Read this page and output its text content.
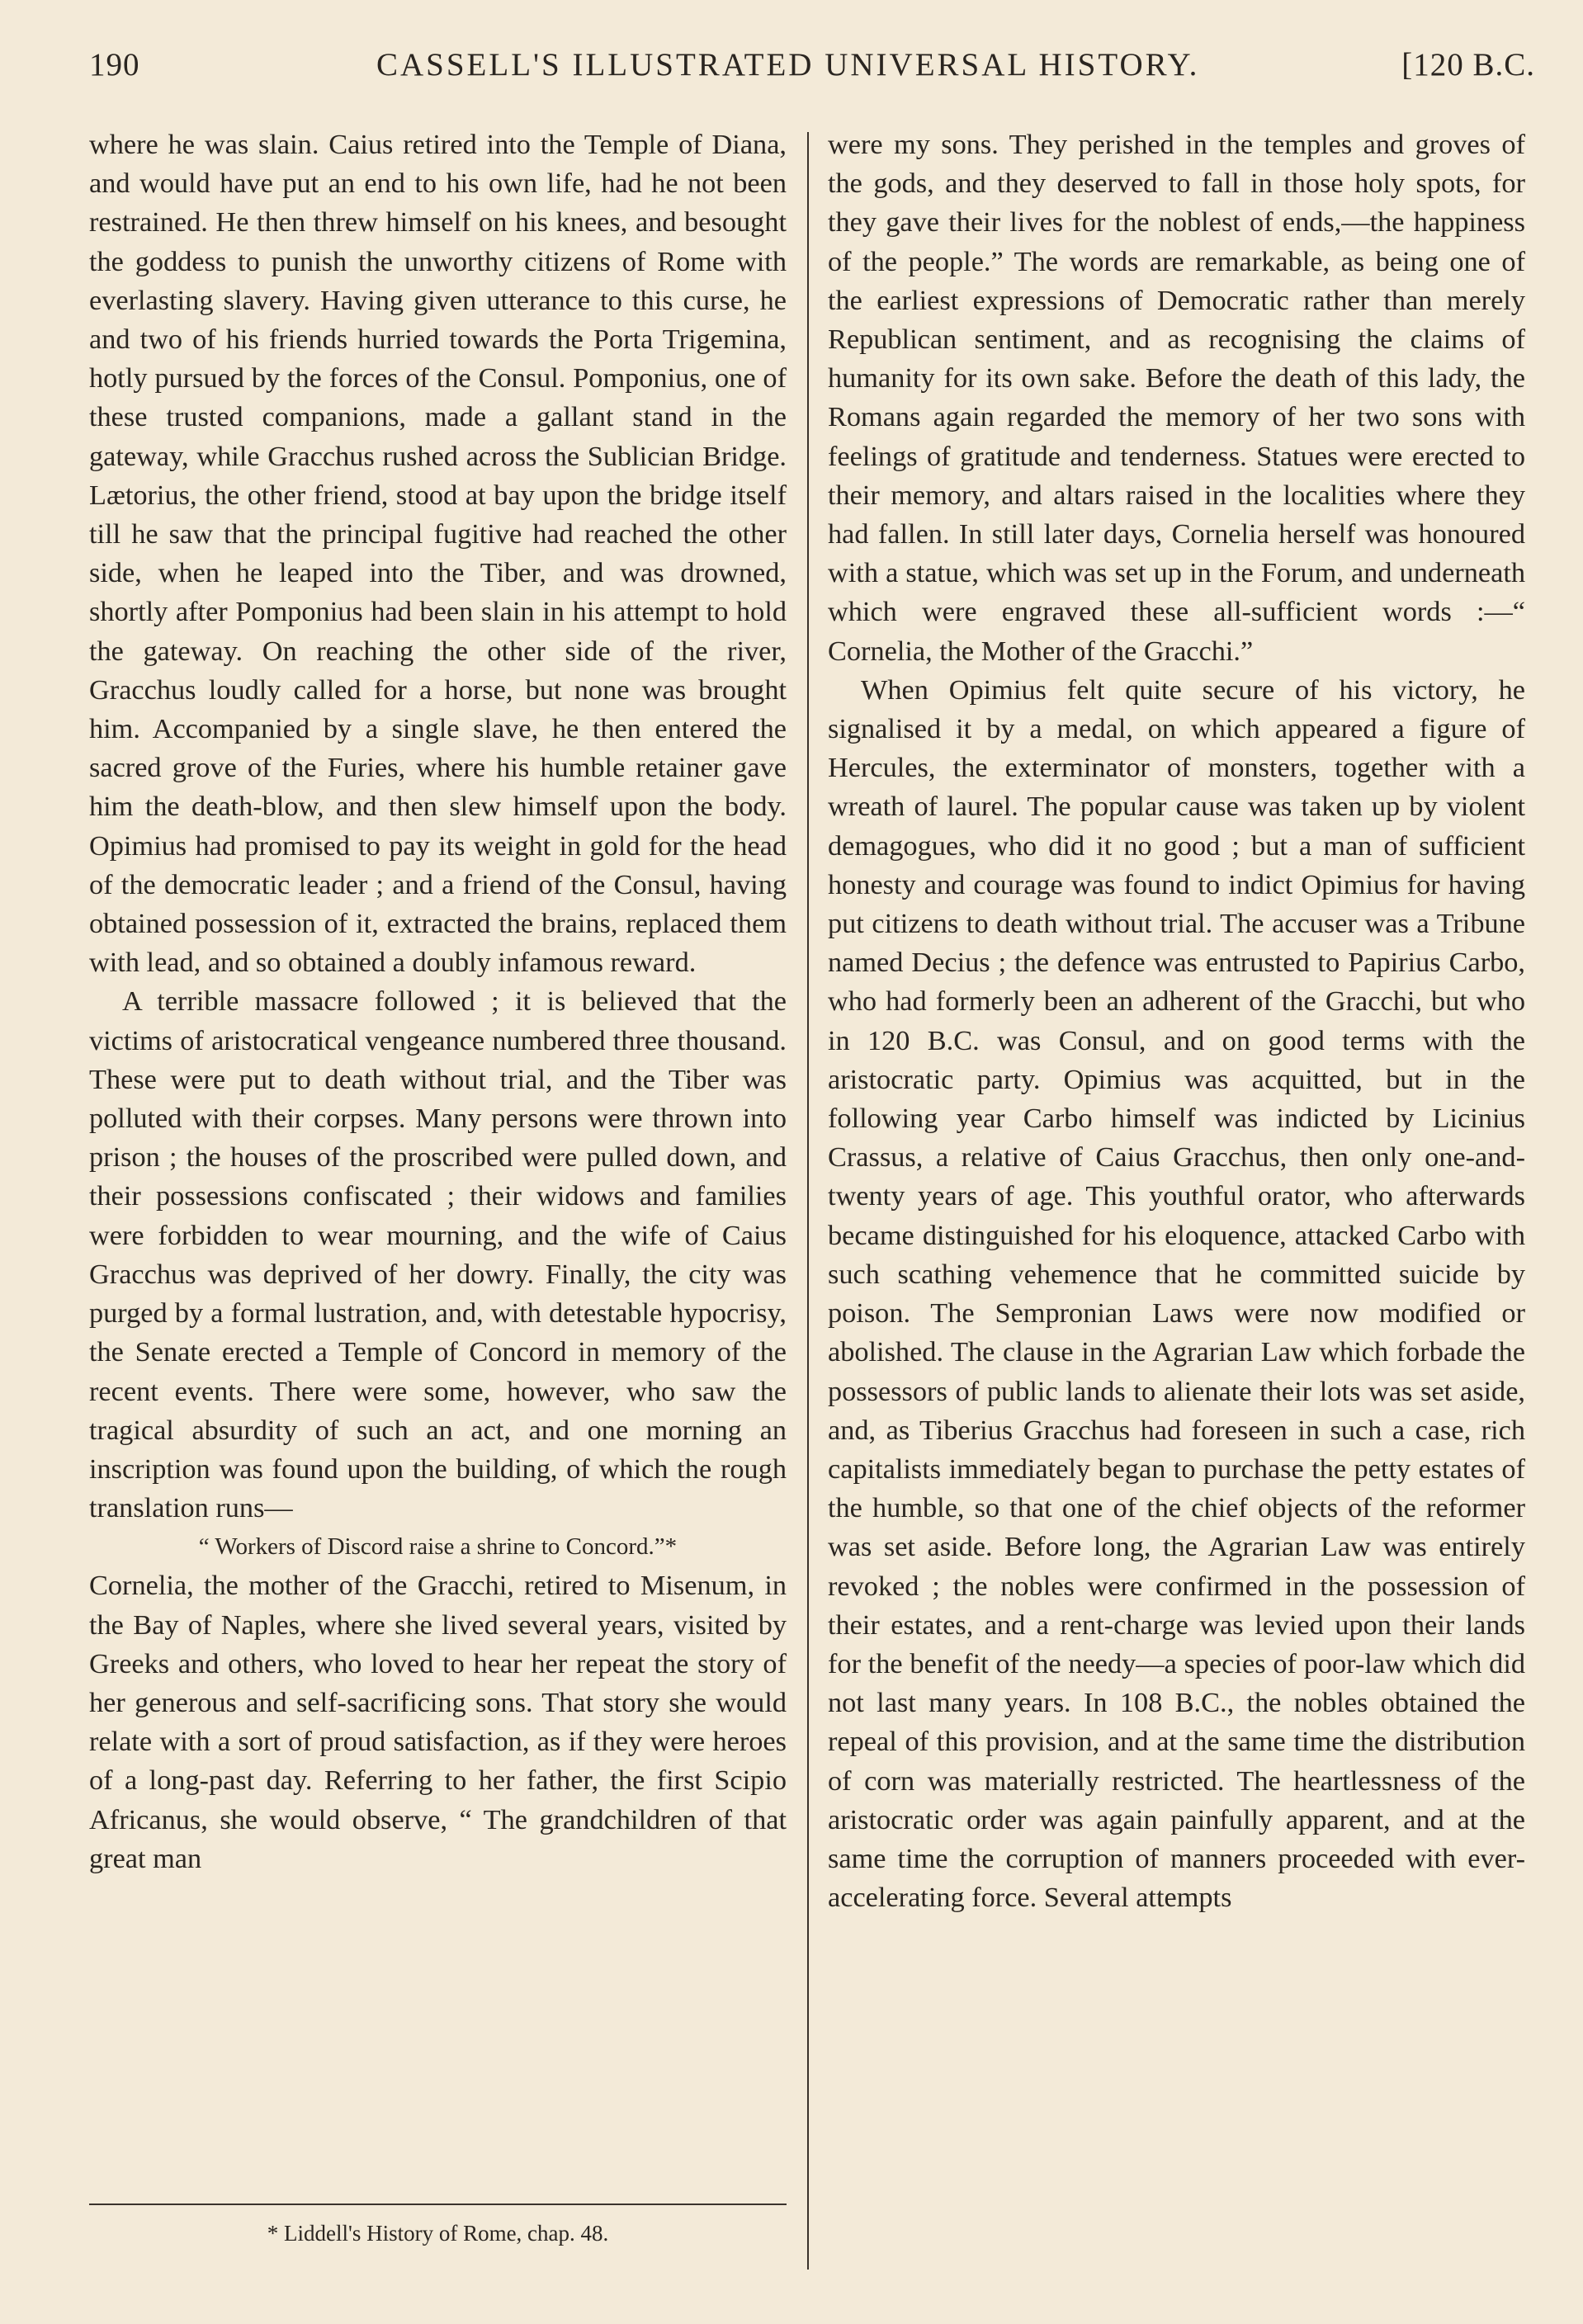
190	CASSELL'S ILLUSTRATED UNIVERSAL HISTORY.	[120 B.C.

where he was slain. Caius retired into the Temple of Diana, and would have put an end to his own life, had he not been restrained. He then threw himself on his knees, and besought the goddess to punish the unworthy citizens of Rome with everlasting slavery. Having given utterance to this curse, he and two of his friends hurried towards the Porta Trigemina, hotly pursued by the forces of the Consul. Pomponius, one of these trusted companions, made a gallant stand in the gateway, while Gracchus rushed across the Sublician Bridge. Lætorius, the other friend, stood at bay upon the bridge itself till he saw that the principal fugitive had reached the other side, when he leaped into the Tiber, and was drowned, shortly after Pomponius had been slain in his attempt to hold the gateway. On reaching the other side of the river, Gracchus loudly called for a horse, but none was brought him. Accompanied by a single slave, he then entered the sacred grove of the Furies, where his humble retainer gave him the death-blow, and then slew himself upon the body. Opimius had promised to pay its weight in gold for the head of the democratic leader ; and a friend of the Consul, having obtained possession of it, extracted the brains, replaced them with lead, and so obtained a doubly infamous reward.

A terrible massacre followed ; it is believed that the victims of aristocratical vengeance numbered three thousand. These were put to death without trial, and the Tiber was polluted with their corpses. Many persons were thrown into prison ; the houses of the proscribed were pulled down, and their possessions confiscated ; their widows and families were forbidden to wear mourning, and the wife of Caius Gracchus was deprived of her dowry. Finally, the city was purged by a formal lustration, and, with detestable hypocrisy, the Senate erected a Temple of Concord in memory of the recent events. There were some, however, who saw the tragical absurdity of such an act, and one morning an inscription was found upon the building, of which the rough translation runs—

“ Workers of Discord raise a shrine to Concord.”*

Cornelia, the mother of the Gracchi, retired to Misenum, in the Bay of Naples, where she lived several years, visited by Greeks and others, who loved to hear her repeat the story of her generous and self-sacrificing sons. That story she would relate with a sort of proud satisfaction, as if they were heroes of a long-past day. Referring to her father, the first Scipio Africanus, she would observe, “ The grandchildren of that great man

* Liddell's History of Rome, chap. 48.

were my sons. They perished in the temples and groves of the gods, and they deserved to fall in those holy spots, for they gave their lives for the noblest of ends,—the happiness of the people.” The words are remarkable, as being one of the earliest expressions of Democratic rather than merely Republican sentiment, and as recognising the claims of humanity for its own sake. Before the death of this lady, the Romans again regarded the memory of her two sons with feelings of gratitude and tenderness. Statues were erected to their memory, and altars raised in the localities where they had fallen. In still later days, Cornelia herself was honoured with a statue, which was set up in the Forum, and underneath which were engraved these all-sufficient words :—“ Cornelia, the Mother of the Gracchi.”

When Opimius felt quite secure of his victory, he signalised it by a medal, on which appeared a figure of Hercules, the exterminator of monsters, together with a wreath of laurel. The popular cause was taken up by violent demagogues, who did it no good ; but a man of sufficient honesty and courage was found to indict Opimius for having put citizens to death without trial. The accuser was a Tribune named Decius ; the defence was entrusted to Papirius Carbo, who had formerly been an adherent of the Gracchi, but who in 120 B.C. was Consul, and on good terms with the aristocratic party. Opimius was acquitted, but in the following year Carbo himself was indicted by Licinius Crassus, a relative of Caius Gracchus, then only one-and-twenty years of age. This youthful orator, who afterwards became distinguished for his eloquence, attacked Carbo with such scathing vehemence that he committed suicide by poison. The Sempronian Laws were now modified or abolished. The clause in the Agrarian Law which forbade the possessors of public lands to alienate their lots was set aside, and, as Tiberius Gracchus had foreseen in such a case, rich capitalists immediately began to purchase the petty estates of the humble, so that one of the chief objects of the reformer was set aside. Before long, the Agrarian Law was entirely revoked ; the nobles were confirmed in the possession of their estates, and a rent-charge was levied upon their lands for the benefit of the needy—a species of poor-law which did not last many years. In 108 B.C., the nobles obtained the repeal of this provision, and at the same time the distribution of corn was materially restricted. The heartlessness of the aristocratic order was again painfully apparent, and at the same time the corruption of manners proceeded with ever-accelerating force. Several attempts
